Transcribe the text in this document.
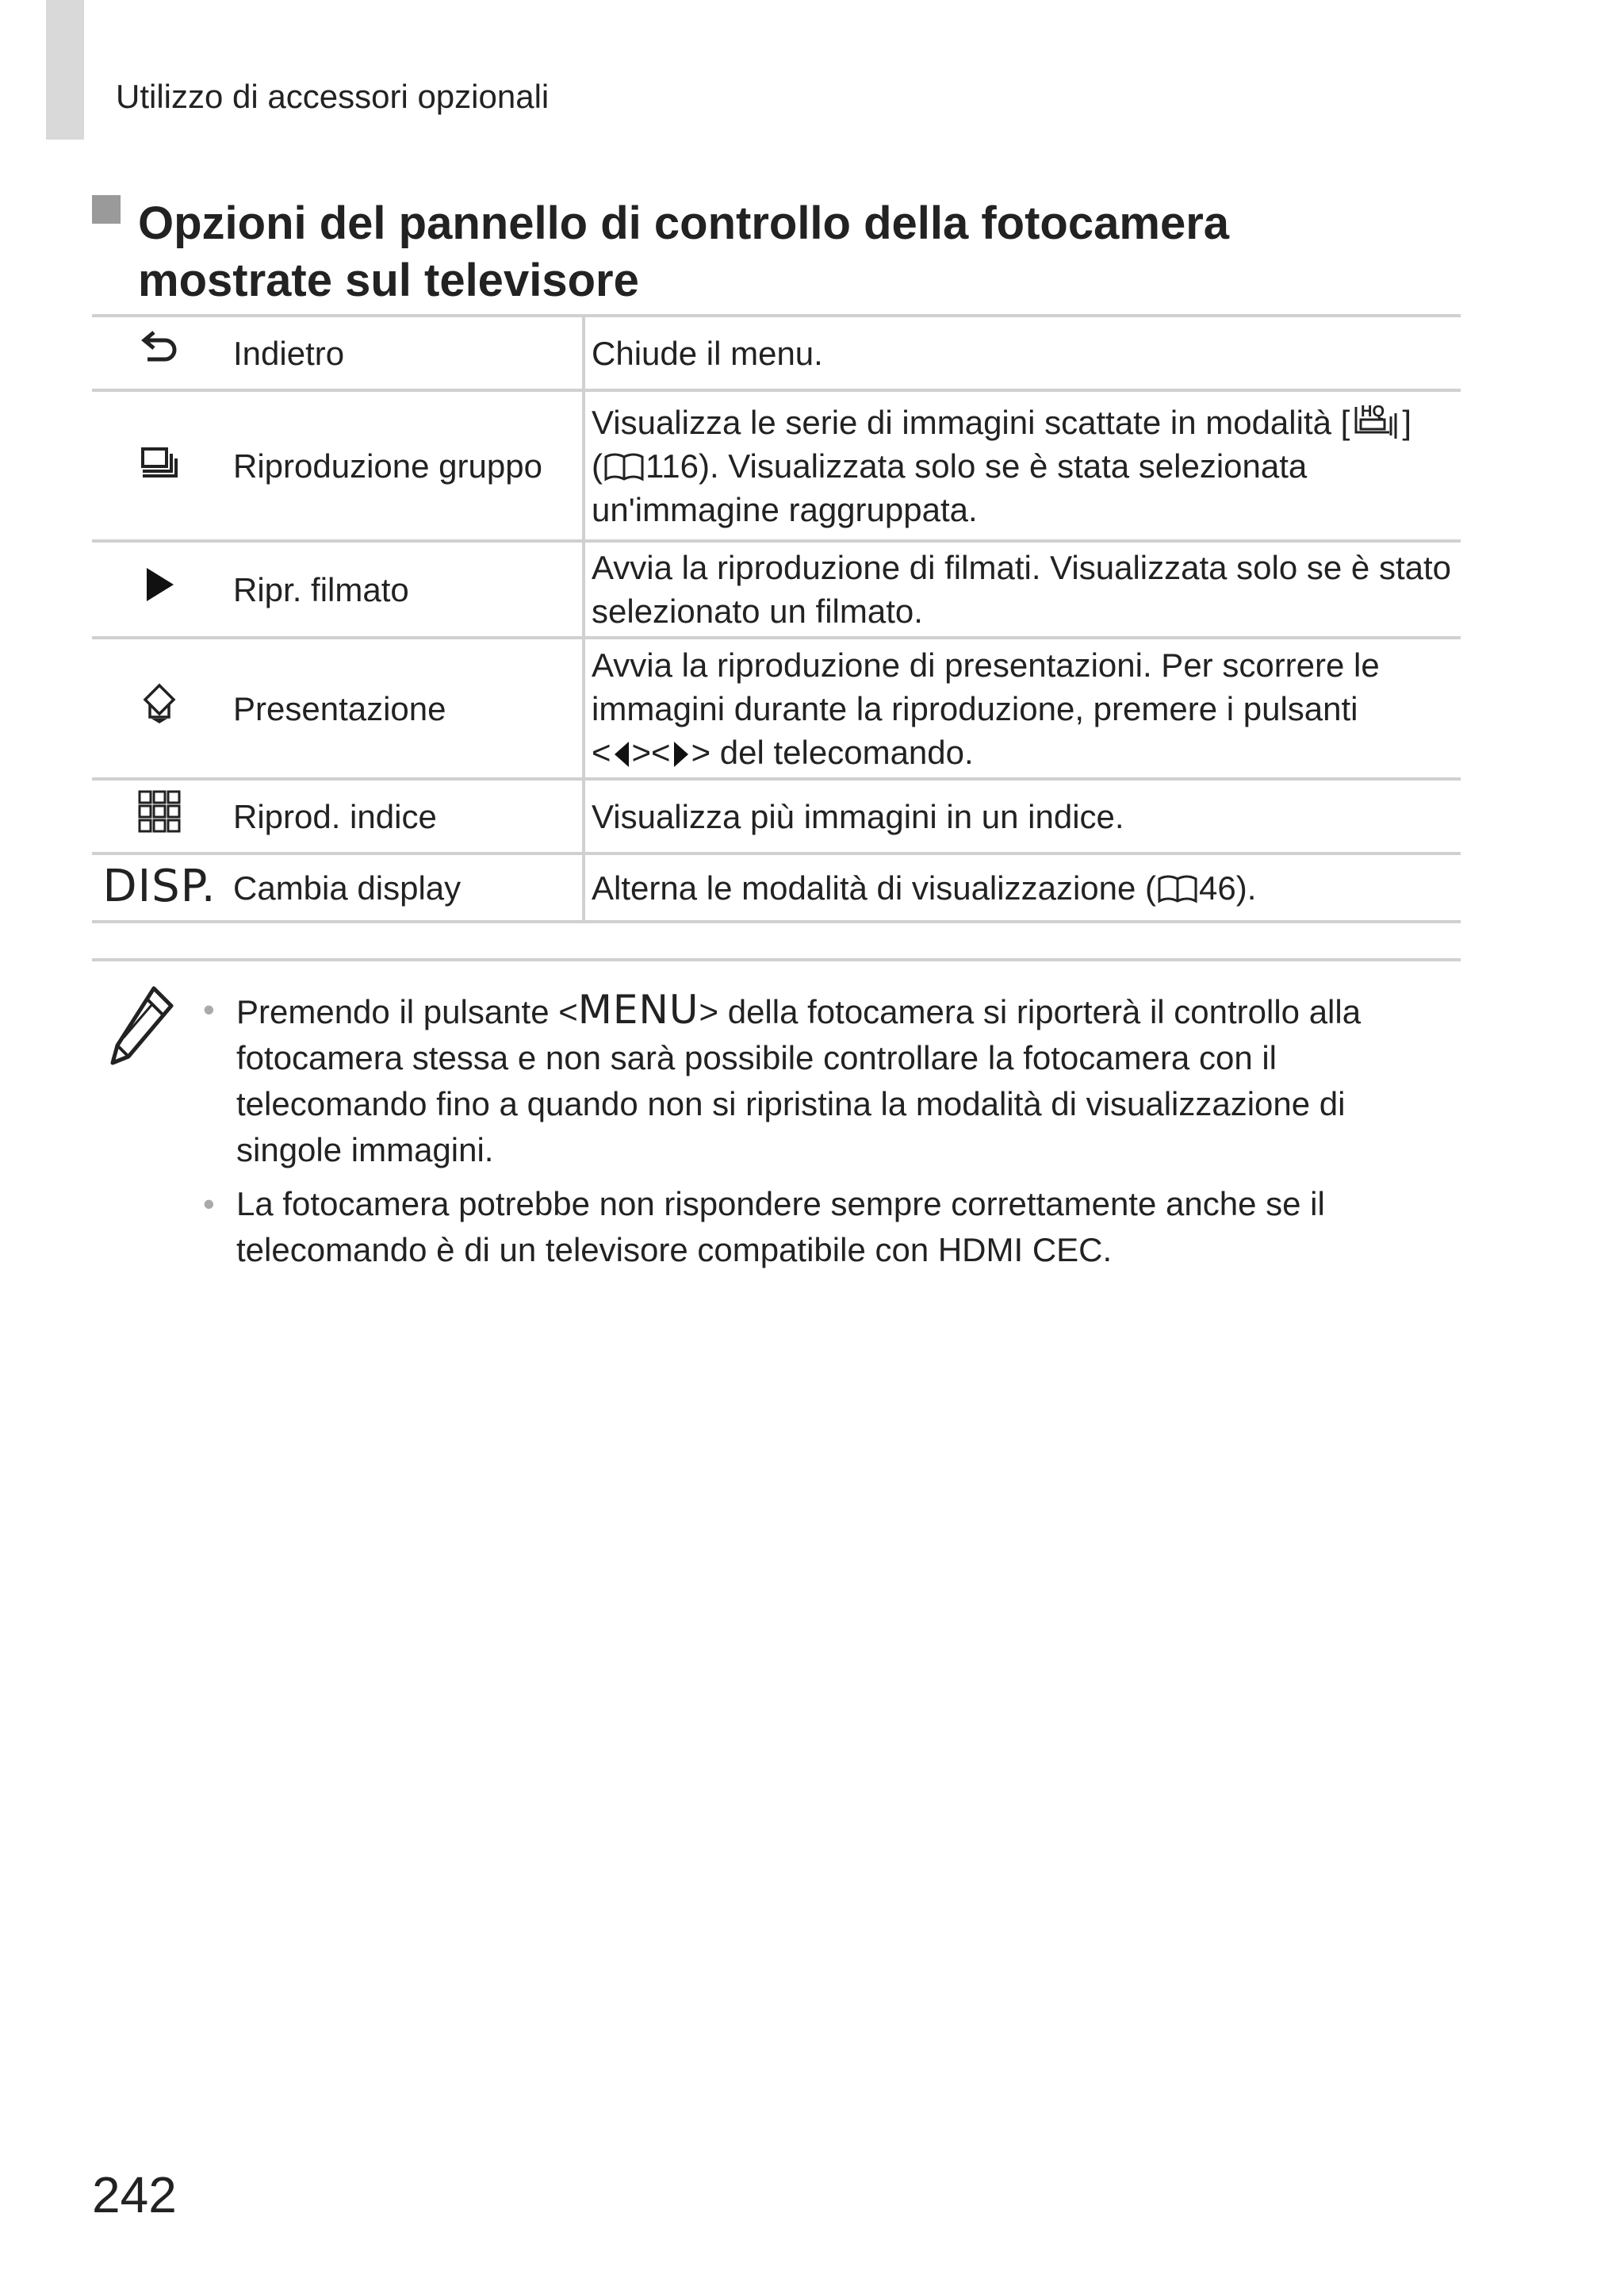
Utilizzo di accessori opzionali
Opzioni del pannello di controllo della fotocamera
mostrate sul televisore
	Indietro	Chiude il menu.
	Riproduzione gruppo	Visualizza le serie di immagini scattate in modalità [ HQ ]
( 116). Visualizzata solo se è stata selezionata un'immagine raggruppata.
	Ripr. filmato	Avvia la riproduzione di filmati. Visualizzata solo se è stato selezionato un filmato.
	Presentazione	Avvia la riproduzione di presentazioni. Per scorrere le immagini durante la riproduzione, premere i pulsanti
< >< > del telecomando.
	Riprod. indice	Visualizza più immagini in un indice.
DISP.	Cambia display	Alterna le modalità di visualizzazione ( 46).
• Premendo il pulsante <MENU> della fotocamera si riporterà il controllo alla fotocamera stessa e non sarà possibile controllare la fotocamera con il telecomando fino a quando non si ripristina la modalità di visualizzazione di singole immagini.
• La fotocamera potrebbe non rispondere sempre correttamente anche se il telecomando è di un televisore compatibile con HDMI CEC.
242
